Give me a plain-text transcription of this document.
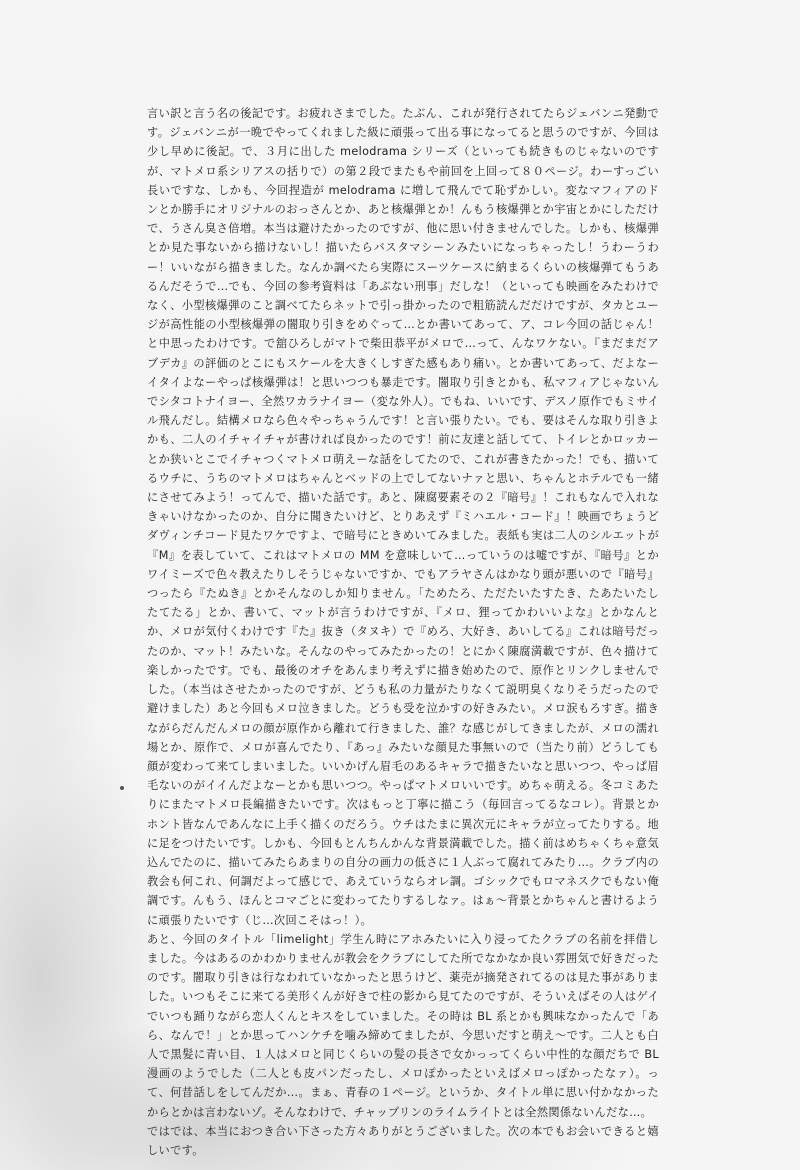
言い訳と言う名の後記です。お疲れさまでした。たぶん、これが発行されてたらジェバンニ発動です。ジェバンニが一晩でやってくれました級に頑張って出る事になってると思うのですが、今回は少し早めに後記。で、３月に出した melodrama シリーズ（といっても続きものじゃないのですが、マトメロ系シリアスの括りで）の第２段でまたもや前回を上回って８０ページ。わーすっごい長いですな、しかも、今回捏造が melodrama に増して飛んでて恥ずかしい。変なマフィアのドンとか勝手にオリジナルのおっさんとか、あと核爆弾とか！んもう核爆弾とか宇宙とかにしただけで、うさん臭さ倍増。本当は避けたかったのですが、他に思い付きませんでした。しかも、核爆弾とか見た事ないから描けないし！描いたらバスタマシーンみたいになっちゃったし！うわーうわー！いいながら描きました。なんか調べたら実際にスーツケースに納まるくらいの核爆弾てもうあるんだそうで…でも、今回の参考資料は「あぶない刑事」だしな！（といっても映画をみたわけでなく、小型核爆弾のこと調べてたらネットで引っ掛かったので粗筋読んだだけですが、タカとユージが高性能の小型核爆弾の闇取り引きをめぐって…とか書いてあって、ア、コレ今回の話じゃん！と中思ったわけです。で舘ひろしがマトで柴田恭平がメロで…って、んなワケない。『まだまだアブデカ』の評価のとこにもスケールを大きくしすぎた感もあり痛い。とか書いてあって、だよなーイタイよなーやっぱ核爆弾は！と思いつつも暴走です。闇取り引きとかも、私マフィアじゃないんでシタコトナイヨー、全然ワカラナイヨー（変な外人）。でもね、いいです、デスノ原作でもミサイル飛んだし。結構メロなら色々やっちゃうんです！と言い張りたい。でも、要はそんな取り引きよかも、二人のイチャイチャが書ければ良かったのです！前に友達と話してて、トイレとかロッカーとか狭いとこでイチャつくマトメロ萌えーな話をしてたので、これが書きたかった！でも、描いてるウチに、うちのマトメロはちゃんとベッドの上でしてないナァと思い、ちゃんとホテルでも一緒にさせてみよう！ってんで、描いた話です。あと、陳腐要素その２『暗号』！これもなんで入れなきゃいけなかったのか、自分に聞きたいけど、とりあえず『ミハエル・コード』！映画でちょうどダヴィンチコード見たワケですよ、で暗号にときめいてみました。表紙も実は二人のシルエットが『M』を表していて、これはマトメロの MM を意味しいて…っていうのは嘘ですが、『暗号』とかワイミーズで色々教えたりしそうじゃないですか、でもアラヤさんはかなり頭が悪いので『暗号』つったら『たぬき』とかそんなのしか知りません。「ためたろ、ただたいたすたき、たあたいたしたてたる」とか、書いて、マットが言うわけですが、『メロ、狸ってかわいいよな』とかなんとか、メロが気付くわけです『た』抜き（タヌキ）で『めろ、大好き、あいしてる』これは暗号だったのか、マット！みたいな。そんなのやってみたかったの！とにかく陳腐満載ですが、色々描けて楽しかったです。でも、最後のオチをあんまり考えずに描き始めたので、原作とリンクしませんでした。（本当はさせたかったのですが、どうも私の力量がたりなくて説明臭くなりそうだったので避けました）あと今回もメロ泣きました。どうも受を泣かすの好きみたい。メロ涙もろすぎ。描きながらだんだんメロの顔が原作から離れて行きました、誰？な感じがしてきましたが、メロの濡れ場とか、原作で、メロが喜んでたり、『あっ』みたいな顔見た事無いので（当たり前）どうしても顔が変わって来てしまいました。いいかげん眉毛のあるキャラで描きたいなと思いつつ、やっぱ眉毛ないのがイイんだよなーとかも思いつつ。やっぱマトメロいいです。めちゃ萌える。冬コミあたりにまたマトメロ長編描きたいです。次はもっと丁寧に描こう（毎回言ってるなコレ）。背景とかホント皆なんであんなに上手く描くのだろう。ウチはたまに異次元にキャラが立ってたりする。地に足をつけたいです。しかも、今回もとんちんかんな背景満載でした。描く前はめちゃくちゃ意気込んでたのに、描いてみたらあまりの自分の画力の低さに１人ぶって腐れてみたり…。クラブ内の教会も何これ、何調だよって感じで、あえていうならオレ調。ゴシックでもロマネスクでもない俺調です。んもう、ほんとコマごとに変わってたりするしなァ。はぁ〜背景とかちゃんと書けるように頑張りたいです（じ…次回こそはっ！）。

あと、今回のタイトル「limelight」学生ん時にアホみたいに入り浸ってたクラブの名前を拝借しました。今はあるのかわかりませんが教会をクラブにしてた所でなかなか良い雰囲気で好きだったのです。闇取り引きは行なわれていなかったと思うけど、薬売が摘発されてるのは見た事がありました。いつもそこに来てる美形くんが好きで柱の影から見てたのですが、そういえばその人はゲイでいつも踊りながら恋人くんとキスをしていました。その時は BL 系とかも興味なかったんで「あら、なんで！」とか思ってハンケチを噛み締めてましたが、今思いだすと萌え〜です。二人とも白人で黒髪に青い目、１人はメロと同じくらいの髪の長さで女かっってくらい中性的な顔だちで BL 漫画のようでした（二人とも皮パンだったし、メロぽかったといえばメロっぽかったなァ）。って、何昔話しをしてんだか…。まぁ、青春の１ページ。というか、タイトル単に思い付かなかったからとかは言わないゾ。そんなわけで、チャップリンのライムライトとは全然関係ないんだな…。

ではでは、本当におつき合い下さった方々ありがとうございました。次の本でもお会いできると嬉しいです。
